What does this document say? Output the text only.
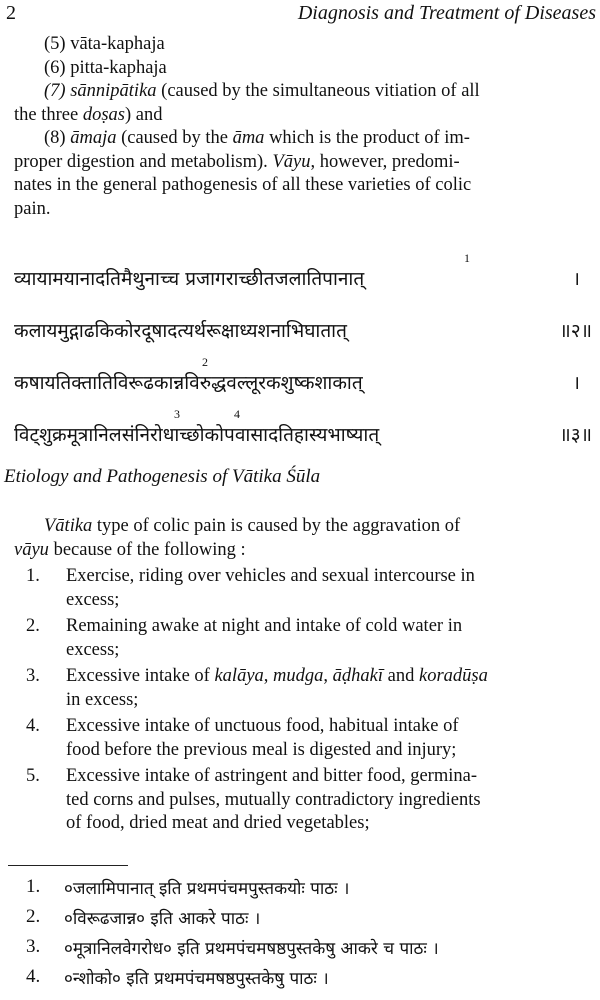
2	Diagnosis and Treatment of Diseases
(5) vāta-kaphaja
(6) pitta-kaphaja
(7) sānnipātika (caused by the simultaneous vitiation of all
the three doṣas) and
(8) āmaja (caused by the āma which is the product of im-
proper digestion and metabolism). Vāyu, however, predomi-
nates in the general pathogenesis of all these varieties of colic
pain.
व्यायामयानादतिमैथुनाच्च प्रजागराच्छीतजलातिपानात्
1
।
कलायमुद्गाढकिकोरदूषादत्यर्थरूक्षाध्यशनाभिघातात्	॥२॥
कषायतिक्तातिविरूढकान्नविरुद्धवल्लूरकशुष्कशाकात्
2
।
विट्शुक्रमूत्रानिलसंनिरोधाच्छोकोपवासादतिहास्यभाष्यात्
3	4
॥३॥
Etiology and Pathogenesis of Vātika Śūla
Vātika type of colic pain is caused by the aggravation of
vāyu because of the following :
1. Exercise, riding over vehicles and sexual intercourse in
excess;
2. Remaining awake at night and intake of cold water in
excess;
3. Excessive intake of kalāya, mudga, āḍhakī and koradūṣa
in excess;
4. Excessive intake of unctuous food, habitual intake of
food before the previous meal is digested and injury;
5. Excessive intake of astringent and bitter food, germina-
ted corns and pulses, mutually contradictory ingredients
of food, dried meat and dried vegetables;
1. ०जलामिपानात् इति प्रथमपंचमपुस्तकयोः पाठः ।
2. ०विरूढजान्न० इति आकरे पाठः ।
3. ०मूत्रानिलवेगरोध० इति प्रथमपंचमषष्ठपुस्तकेषु आकरे च पाठः ।
4. ०न्शोको० इति प्रथमपंचमषष्ठपुस्तकेषु पाठः ।
